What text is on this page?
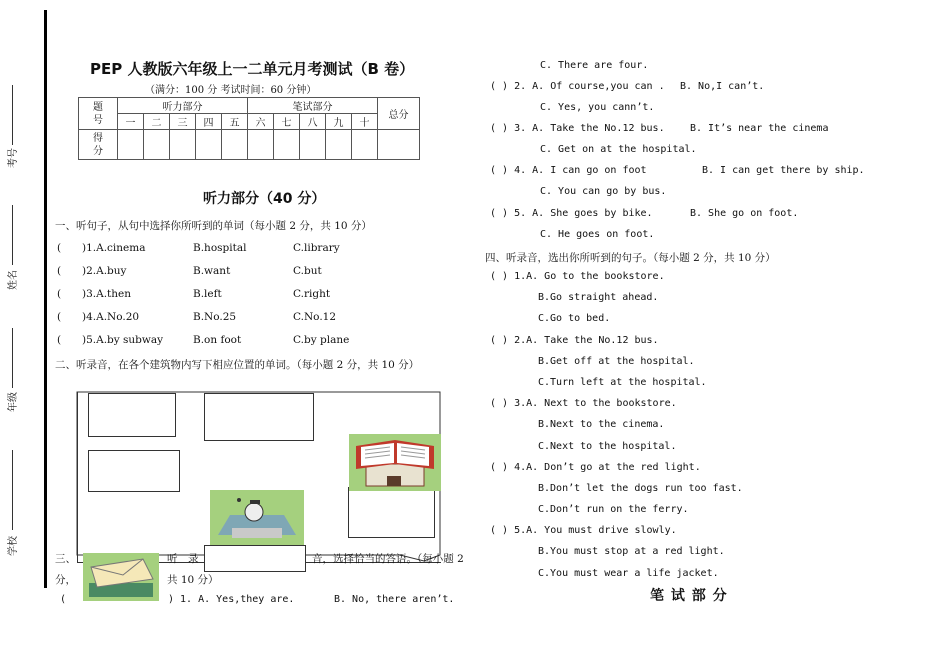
考号
姓名
年级
学校
PEP 人教版六年级上一二单元月考测试（B 卷）
（满分：100 分 考试时间：60 分钟）
题号	听力部分					笔试部分					总分
	一	二	三	四	五	六	七	八	九	十	
得分											
听力部分（40 分）
一、听句子，从句中选择你所听到的单词（每小题 2 分，共 10 分）
( )1.A.cinema	B.hospital	C.library
( )2.A.buy	B.want	C.but
( )3.A.then	B.left	C.right
( )4.A.No.20	B.No.25	C.No.12
( )5.A.by subway	B.on foot	C.by plane
二、听录音，在各个建筑物内写下相应位置的单词。（每小题 2 分，共 10 分）
三、	听　录	音，选择恰当的答语。（每小题 2
分，	共 10 分）
(	) 1. A. Yes,they are.	B. No, there aren’t.
C. There are four.
( ) 2. A. Of course,you can . B. No,I can’t.
C. Yes, you cann’t.
( ) 3. A. Take the No.12 bus.	B. It’s near the cinema
C. Get on at the hospital.
( ) 4. A. I can go on foot	B. I can get there by ship.
C. You can go by bus.
( ) 5. A. She goes by bike.	B. She go on foot.
C. He goes on foot.
四、听录音，选出你所听到的句子。（每小题 2 分，共 10 分）
( ) 1.A. Go to the bookstore.
B.Go straight ahead.
C.Go to bed.
( ) 2.A. Take the No.12 bus.
B.Get off at the hospital.
C.Turn left at the hospital.
( ) 3.A. Next to the bookstore.
B.Next to the cinema.
C.Next to the hospital.
( ) 4.A. Don’t go at the red light.
B.Don’t let the dogs run too fast.
C.Don’t run on the ferry.
( ) 5.A. You must drive slowly.
B.You must stop at a red light.
C.You must wear a life jacket.
笔 试 部 分
